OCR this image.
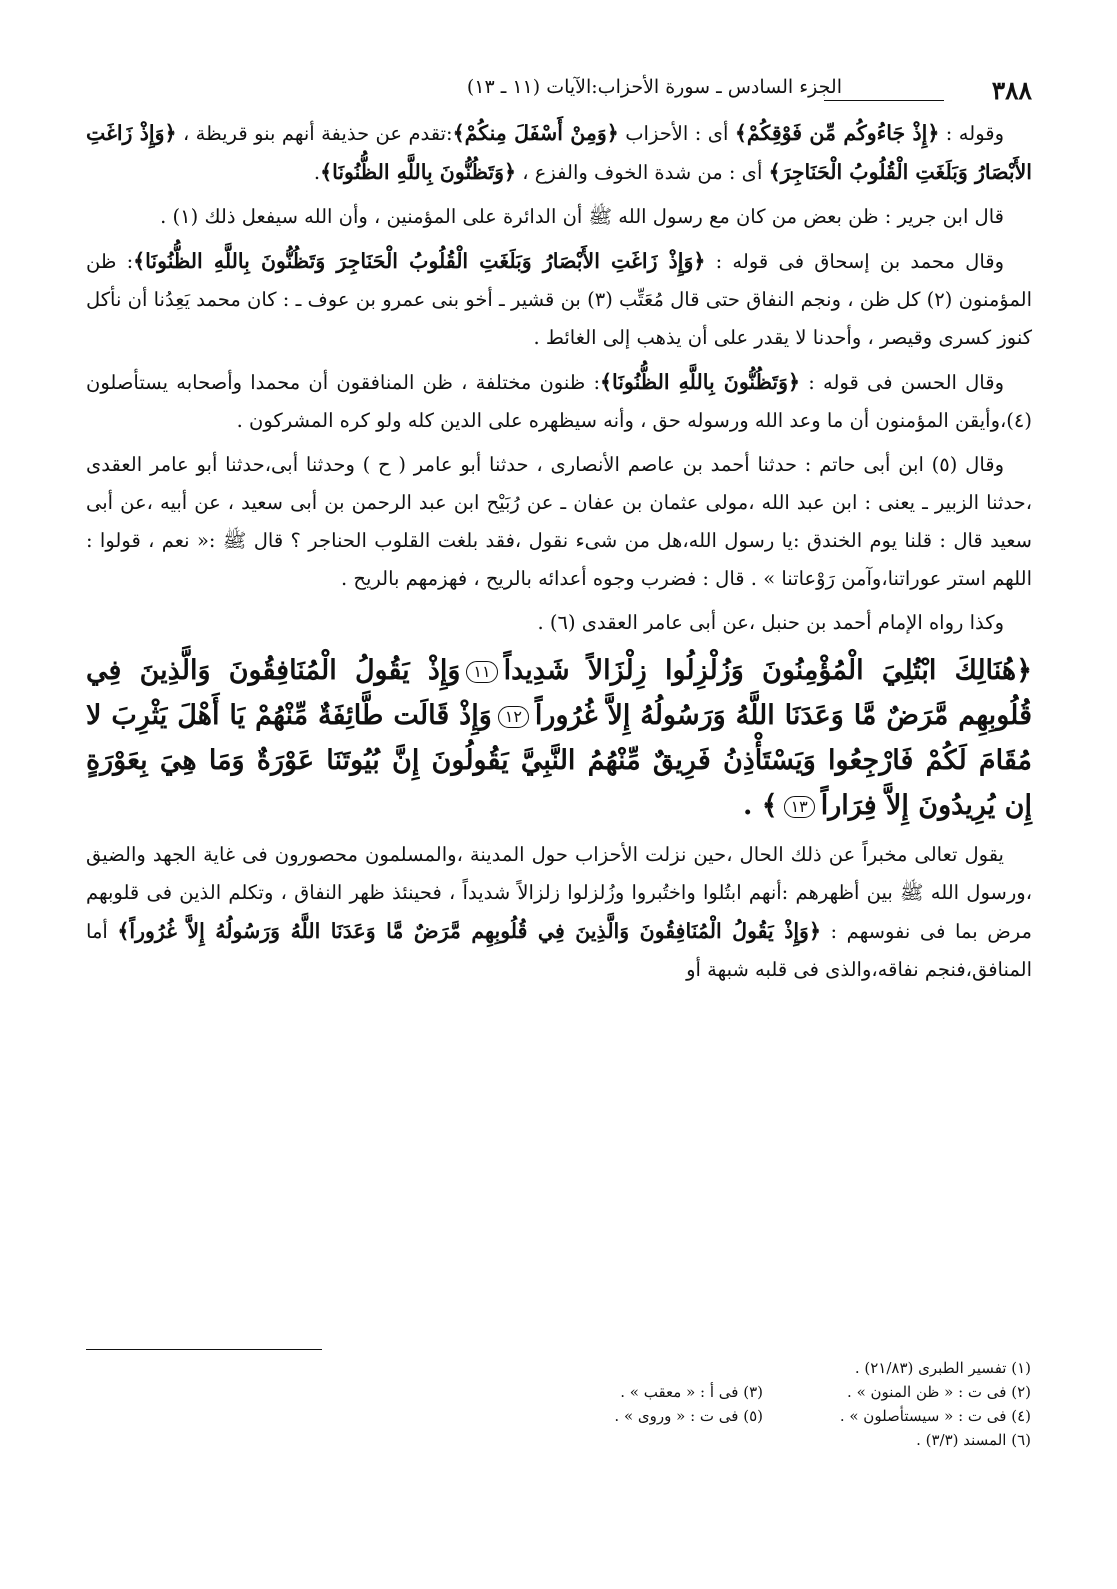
٣٨٨
الجزء السادس ـ سورة الأحزاب:الآيات (١١ ـ ١٣)

وقوله : ﴿إِذْ جَاءُوكُم مِّن فَوْقِكُمْ﴾ أى : الأحزاب ﴿وَمِنْ أَسْفَلَ مِنكُمْ﴾:تقدم عن حذيفة أنهم بنو قريظة ، ﴿وَإِذْ زَاغَتِ الأَبْصَارُ وَبَلَغَتِ الْقُلُوبُ الْحَنَاجِرَ﴾ أى : من شدة الخوف والفزع ، ﴿وَتَظُنُّونَ بِاللَّهِ الظُّنُونَا﴾.

قال ابن جرير : ظن بعض من كان مع رسول الله ﷺ أن الدائرة على المؤمنين ، وأن الله سيفعل ذلك (١) .

وقال محمد بن إسحاق فى قوله : ﴿وَإِذْ زَاغَتِ الأَبْصَارُ وَبَلَغَتِ الْقُلُوبُ الْحَنَاجِرَ وَتَظُنُّونَ بِاللَّهِ الظُّنُونَا﴾: ظن المؤمنون (٢) كل ظن ، ونجم النفاق حتى قال مُعَتِّب (٣) بن قشير ـ أخو بنى عمرو بن عوف ـ : كان محمد يَعِدُنا أن نأكل كنوز كسرى وقيصر ، وأحدنا لا يقدر على أن يذهب إلى الغائط .

وقال الحسن فى قوله : ﴿وَتَظُنُّونَ بِاللَّهِ الظُّنُونَا﴾: ظنون مختلفة ، ظن المنافقون أن محمدا وأصحابه يستأصلون (٤)،وأيقن المؤمنون أن ما وعد الله ورسوله حق ، وأنه سيظهره على الدين كله ولو كره المشركون .

وقال (٥) ابن أبى حاتم : حدثنا أحمد بن عاصم الأنصارى ، حدثنا أبو عامر ( ح ) وحدثنا أبى،حدثنا أبو عامر العقدى ،حدثنا الزبير ـ يعنى : ابن عبد الله ،مولى عثمان بن عفان ـ عن رُبَيْح ابن عبد الرحمن بن أبى سعيد ، عن أبيه ،عن أبى سعيد قال : قلنا يوم الخندق :يا رسول الله،هل من شىء نقول ،فقد بلغت القلوب الحناجر ؟ قال ﷺ :« نعم ، قولوا : اللهم استر عوراتنا،وآمن رَوْعاتنا » . قال : فضرب وجوه أعدائه بالريح ، فهزمهم بالريح .

وكذا رواه الإمام أحمد بن حنبل ،عن أبى عامر العقدى (٦) .

﴿هُنَالِكَ ابْتُلِيَ الْمُؤْمِنُونَ وَزُلْزِلُوا زِلْزَالاً شَدِيداً١١وَإِذْ يَقُولُ الْمُنَافِقُونَ وَالَّذِينَ فِي قُلُوبِهِم مَّرَضٌ مَّا وَعَدَنَا اللَّهُ وَرَسُولُهُ إِلاَّ غُرُوراً١٢وَإِذْ قَالَت طَّائِفَةٌ مِّنْهُمْ يَا أَهْلَ يَثْرِبَ لا مُقَامَ لَكُمْ فَارْجِعُوا وَيَسْتَأْذِنُ فَرِيقٌ مِّنْهُمُ النَّبِيَّ يَقُولُونَ إِنَّ بُيُوتَنَا عَوْرَةٌ وَمَا هِيَ بِعَوْرَةٍ إِن يُرِيدُونَ إِلاَّ فِرَاراً١٣﴾ .

يقول تعالى مخبراً عن ذلك الحال ،حين نزلت الأحزاب حول المدينة ،والمسلمون محصورون فى غاية الجهد والضيق ،ورسول الله ﷺ بين أظهرهم :أنهم ابتُلوا واختُبروا وزُلزلوا زلزالاً شديداً ، فحينئذ ظهر النفاق ، وتكلم الذين فى قلوبهم مرض بما فى نفوسهم : ﴿وَإِذْ يَقُولُ الْمُنَافِقُونَ وَالَّذِينَ فِي قُلُوبِهِم مَّرَضٌ مَّا وَعَدَنَا اللَّهُ وَرَسُولُهُ إِلاَّ غُرُوراً﴾ أما المنافق،فنجم نفاقه،والذى فى قلبه شبهة أو

(١) تفسير الطبرى (٢١/٨٣) .
(٢) فى ت : « ظن المنون » .
(٣) فى أ : « معقب » .
(٤) فى ت : « سيستأصلون » .
(٥) فى ت : « وروى » .
(٦) المسند (٣/٣) .
